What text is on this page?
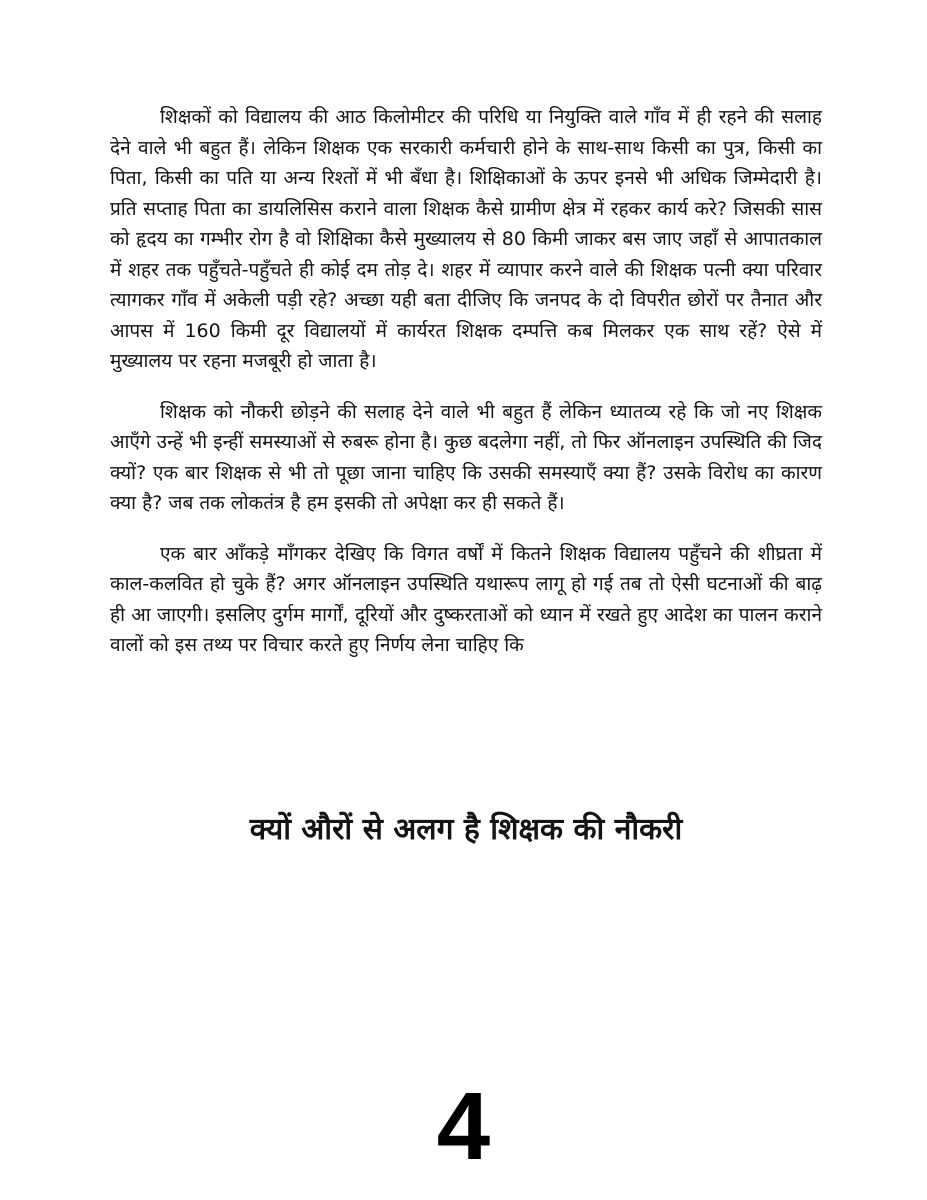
शिक्षकों को विद्यालय की आठ किलोमीटर की परिधि या नियुक्ति वाले गाँव में ही रहने की सलाह देने वाले भी बहुत हैं। लेकिन शिक्षक एक सरकारी कर्मचारी होने के साथ-साथ किसी का पुत्र, किसी का पिता, किसी का पति या अन्य रिश्तों में भी बँधा है। शिक्षिकाओं के ऊपर इनसे भी अधिक जिम्मेदारी है। प्रति सप्ताह पिता का डायलिसिस कराने वाला शिक्षक कैसे ग्रामीण क्षेत्र में रहकर कार्य करे? जिसकी सास को हृदय का गम्भीर रोग है वो शिक्षिका कैसे मुख्यालय से 80 किमी जाकर बस जाए जहाँ से आपातकाल में शहर तक पहुँचते-पहुँचते ही कोई दम तोड़ दे। शहर में व्यापार करने वाले की शिक्षक पत्नी क्या परिवार त्यागकर गाँव में अकेली पड़ी रहे? अच्छा यही बता दीजिए कि जनपद के दो विपरीत छोरों पर तैनात और आपस में 160 किमी दूर विद्यालयों में कार्यरत शिक्षक दम्पत्ति कब मिलकर एक साथ रहें? ऐसे में मुख्यालय पर रहना मजबूरी हो जाता है।

शिक्षक को नौकरी छोड़ने की सलाह देने वाले भी बहुत हैं लेकिन ध्यातव्य रहे कि जो नए शिक्षक आएँगे उन्हें भी इन्हीं समस्याओं से रुबरू होना है। कुछ बदलेगा नहीं, तो फिर ऑनलाइन उपस्थिति की जिद क्यों? एक बार शिक्षक से भी तो पूछा जाना चाहिए कि उसकी समस्याएँ क्या हैं? उसके विरोध का कारण क्या है? जब तक लोकतंत्र है हम इसकी तो अपेक्षा कर ही सकते हैं।

एक बार आँकड़े माँगकर देखिए कि विगत वर्षों में कितने शिक्षक विद्यालय पहुँचने की शीघ्रता में काल-कलवित हो चुके हैं? अगर ऑनलाइन उपस्थिति यथारूप लागू हो गई तब तो ऐसी घटनाओं की बाढ़ ही आ जाएगी। इसलिए दुर्गम मार्गों, दूरियों और दुष्करताओं को ध्यान में रखते हुए आदेश का पालन कराने वालों को इस तथ्य पर विचार करते हुए निर्णय लेना चाहिए कि

क्यों औरों से अलग है शिक्षक की नौकरी
4
